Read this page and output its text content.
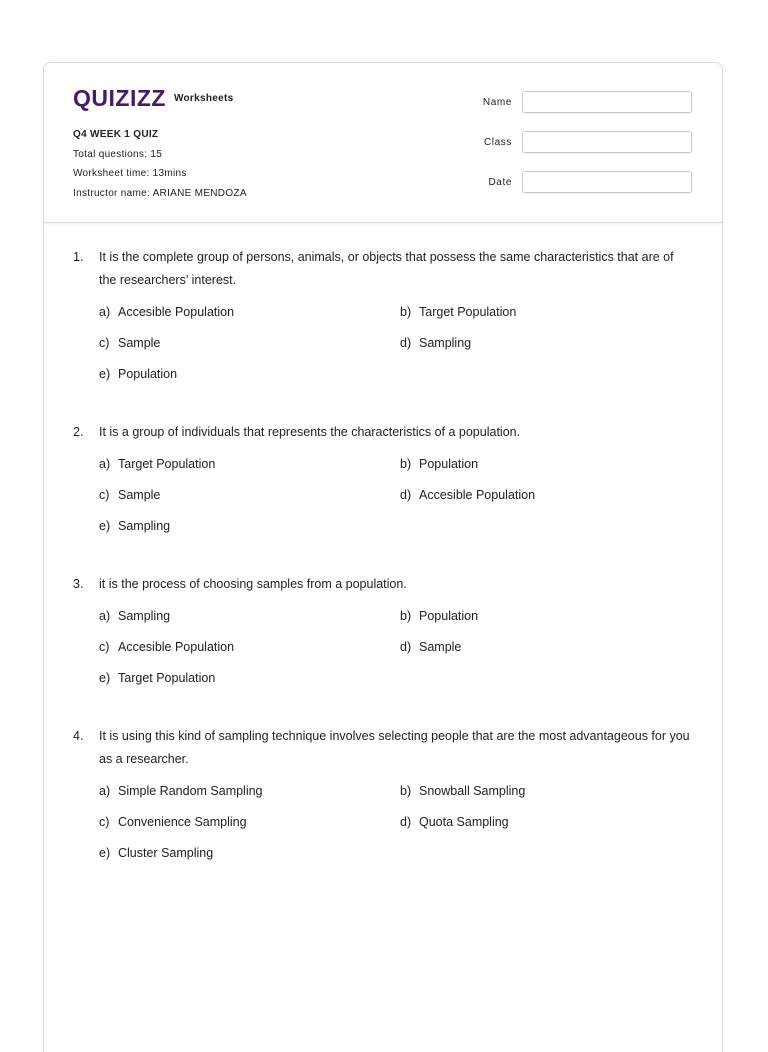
QUIZIZZ Worksheets
Q4 WEEK 1 QUIZ
Total questions: 15
Worksheet time: 13mins
Instructor name: ARIANE MENDOZA
Name
Class
Date
1.	It is the complete group of persons, animals, or objects that possess the same characteristics that are of the researchers’ interest.
a) Accesible Population	b) Target Population
c) Sample	d) Sampling
e) Population
2.	It is a group of individuals that represents the characteristics of a population.
a) Target Population	b) Population
c) Sample	d) Accesible Population
e) Sampling
3.	it is the process of choosing samples from a population.
a) Sampling	b) Population
c) Accesible Population	d) Sample
e) Target Population
4.	It is using this kind of sampling technique involves selecting people that are the most advantageous for you as a researcher.
a) Simple Random Sampling	b) Snowball Sampling
c) Convenience Sampling	d) Quota Sampling
e) Cluster Sampling
